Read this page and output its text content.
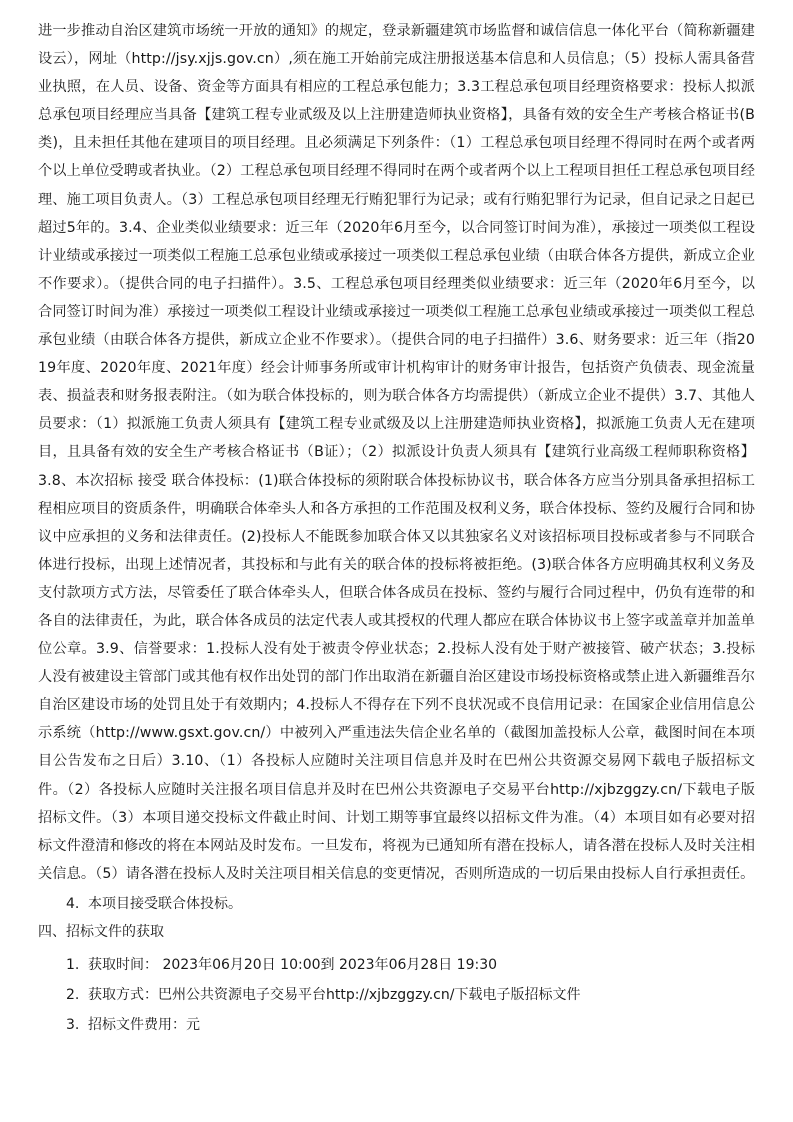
进一步推动自治区建筑市场统一开放的通知》的规定，登录新疆建筑市场监督和诚信信息一体化平台（简称新疆建设云），网址（http://jsy.xjjs.gov.cn）,须在施工开始前完成注册报送基本信息和人员信息；（5）投标人需具备营业执照，在人员、设备、资金等方面具有相应的工程总承包能力；3.3工程总承包项目经理资格要求：投标人拟派总承包项目经理应当具备【建筑工程专业贰级及以上注册建造师执业资格】，具备有效的安全生产考核合格证书(B类)，且未担任其他在建项目的项目经理。且必须满足下列条件：（1）工程总承包项目经理不得同时在两个或者两个以上单位受聘或者执业。（2）工程总承包项目经理不得同时在两个或者两个以上工程项目担任工程总承包项目经理、施工项目负责人。（3）工程总承包项目经理无行贿犯罪行为记录；或有行贿犯罪行为记录，但自记录之日起已超过5年的。3.4、企业类似业绩要求：近三年（2020年6月至今，以合同签订时间为准），承接过一项类似工程设计业绩或承接过一项类似工程施工总承包业绩或承接过一项类似工程总承包业绩（由联合体各方提供，新成立企业不作要求）。（提供合同的电子扫描件）。3.5、工程总承包项目经理类似业绩要求：近三年（2020年6月至今，以合同签订时间为准）承接过一项类似工程设计业绩或承接过一项类似工程施工总承包业绩或承接过一项类似工程总承包业绩（由联合体各方提供，新成立企业不作要求）。（提供合同的电子扫描件）3.6、财务要求：近三年（指2019年度、2020年度、2021年度）经会计师事务所或审计机构审计的财务审计报告，包括资产负债表、现金流量表、损益表和财务报表附注。（如为联合体投标的，则为联合体各方均需提供）（新成立企业不提供）3.7、其他人员要求：（1）拟派施工负责人须具有【建筑工程专业贰级及以上注册建造师执业资格】，拟派施工负责人无在建项目，且具备有效的安全生产考核合格证书（B证）；（2）拟派设计负责人须具有【建筑行业高级工程师职称资格】3.8、本次招标 接受 联合体投标：(1)联合体投标的须附联合体投标协议书，联合体各方应当分别具备承担招标工程相应项目的资质条件，明确联合体牵头人和各方承担的工作范围及权利义务，联合体投标、签约及履行合同和协议中应承担的义务和法律责任。(2)投标人不能既参加联合体又以其独家名义对该招标项目投标或者参与不同联合体进行投标，出现上述情况者，其投标和与此有关的联合体的投标将被拒绝。(3)联合体各方应明确其权利义务及支付款项方式方法，尽管委任了联合体牵头人，但联合体各成员在投标、签约与履行合同过程中，仍负有连带的和各自的法律责任，为此，联合体各成员的法定代表人或其授权的代理人都应在联合体协议书上签字或盖章并加盖单位公章。3.9、信誉要求：1.投标人没有处于被责令停业状态；2.投标人没有处于财产被接管、破产状态；3.投标人没有被建设主管部门或其他有权作出处罚的部门作出取消在新疆自治区建设市场投标资格或禁止进入新疆维吾尔自治区建设市场的处罚且处于有效期内；4.投标人不得存在下列不良状况或不良信用记录：在国家企业信用信息公示系统（http://www.gsxt.gov.cn/）中被列入严重违法失信企业名单的（截图加盖投标人公章，截图时间在本项目公告发布之日后）3.10、（1）各投标人应随时关注项目信息并及时在巴州公共资源交易网下载电子版招标文件。（2）各投标人应随时关注报名项目信息并及时在巴州公共资源电子交易平台http://xjbzggzy.cn/下载电子版招标文件。（3）本项目递交投标文件截止时间、计划工期等事宜最终以招标文件为准。（4）本项目如有必要对招标文件澄清和修改的将在本网站及时发布。一旦发布，将视为已通知所有潜在投标人，请各潜在投标人及时关注相关信息。（5）请各潜在投标人及时关注项目相关信息的变更情况，否则所造成的一切后果由投标人自行承担责任。

4. 本项目接受联合体投标。

四、招标文件的获取

1. 获取时间： 2023年06月20日 10:00到 2023年06月28日 19:30

2. 获取方式：巴州公共资源电子交易平台http://xjbzggzy.cn/下载电子版招标文件

3. 招标文件费用：元
